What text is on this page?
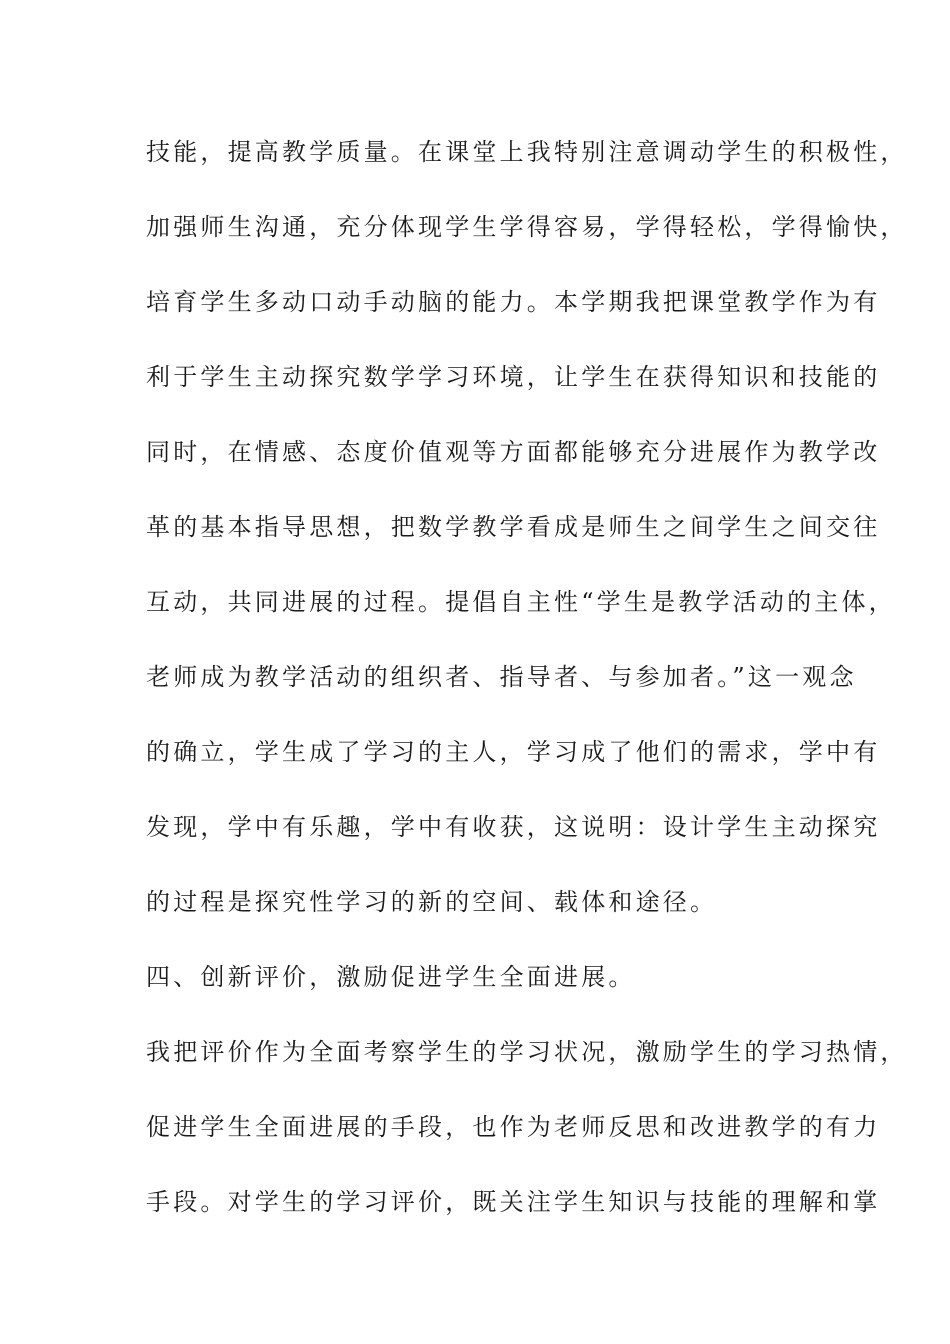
技能，提高教学质量。在课堂上我特别注意调动学生的积极性，
加强师生沟通，充分体现学生学得容易，学得轻松，学得愉快，
培育学生多动口动手动脑的能力。本学期我把课堂教学作为有
利于学生主动探究数学学习环境，让学生在获得知识和技能的
同时，在情感、态度价值观等方面都能够充分进展作为教学改
革的基本指导思想，把数学教学看成是师生之间学生之间交往
互动，共同进展的过程。提倡自主性“学生是教学活动的主体，
老师成为教学活动的组织者、指导者、与参加者。”这一观念
的确立，学生成了学习的主人，学习成了他们的需求，学中有
发现，学中有乐趣，学中有收获，这说明：设计学生主动探究
的过程是探究性学习的新的空间、载体和途径。
四、创新评价，激励促进学生全面进展。
我把评价作为全面考察学生的学习状况，激励学生的学习热情，
促进学生全面进展的手段，也作为老师反思和改进教学的有力
手段。对学生的学习评价，既关注学生知识与技能的理解和掌
